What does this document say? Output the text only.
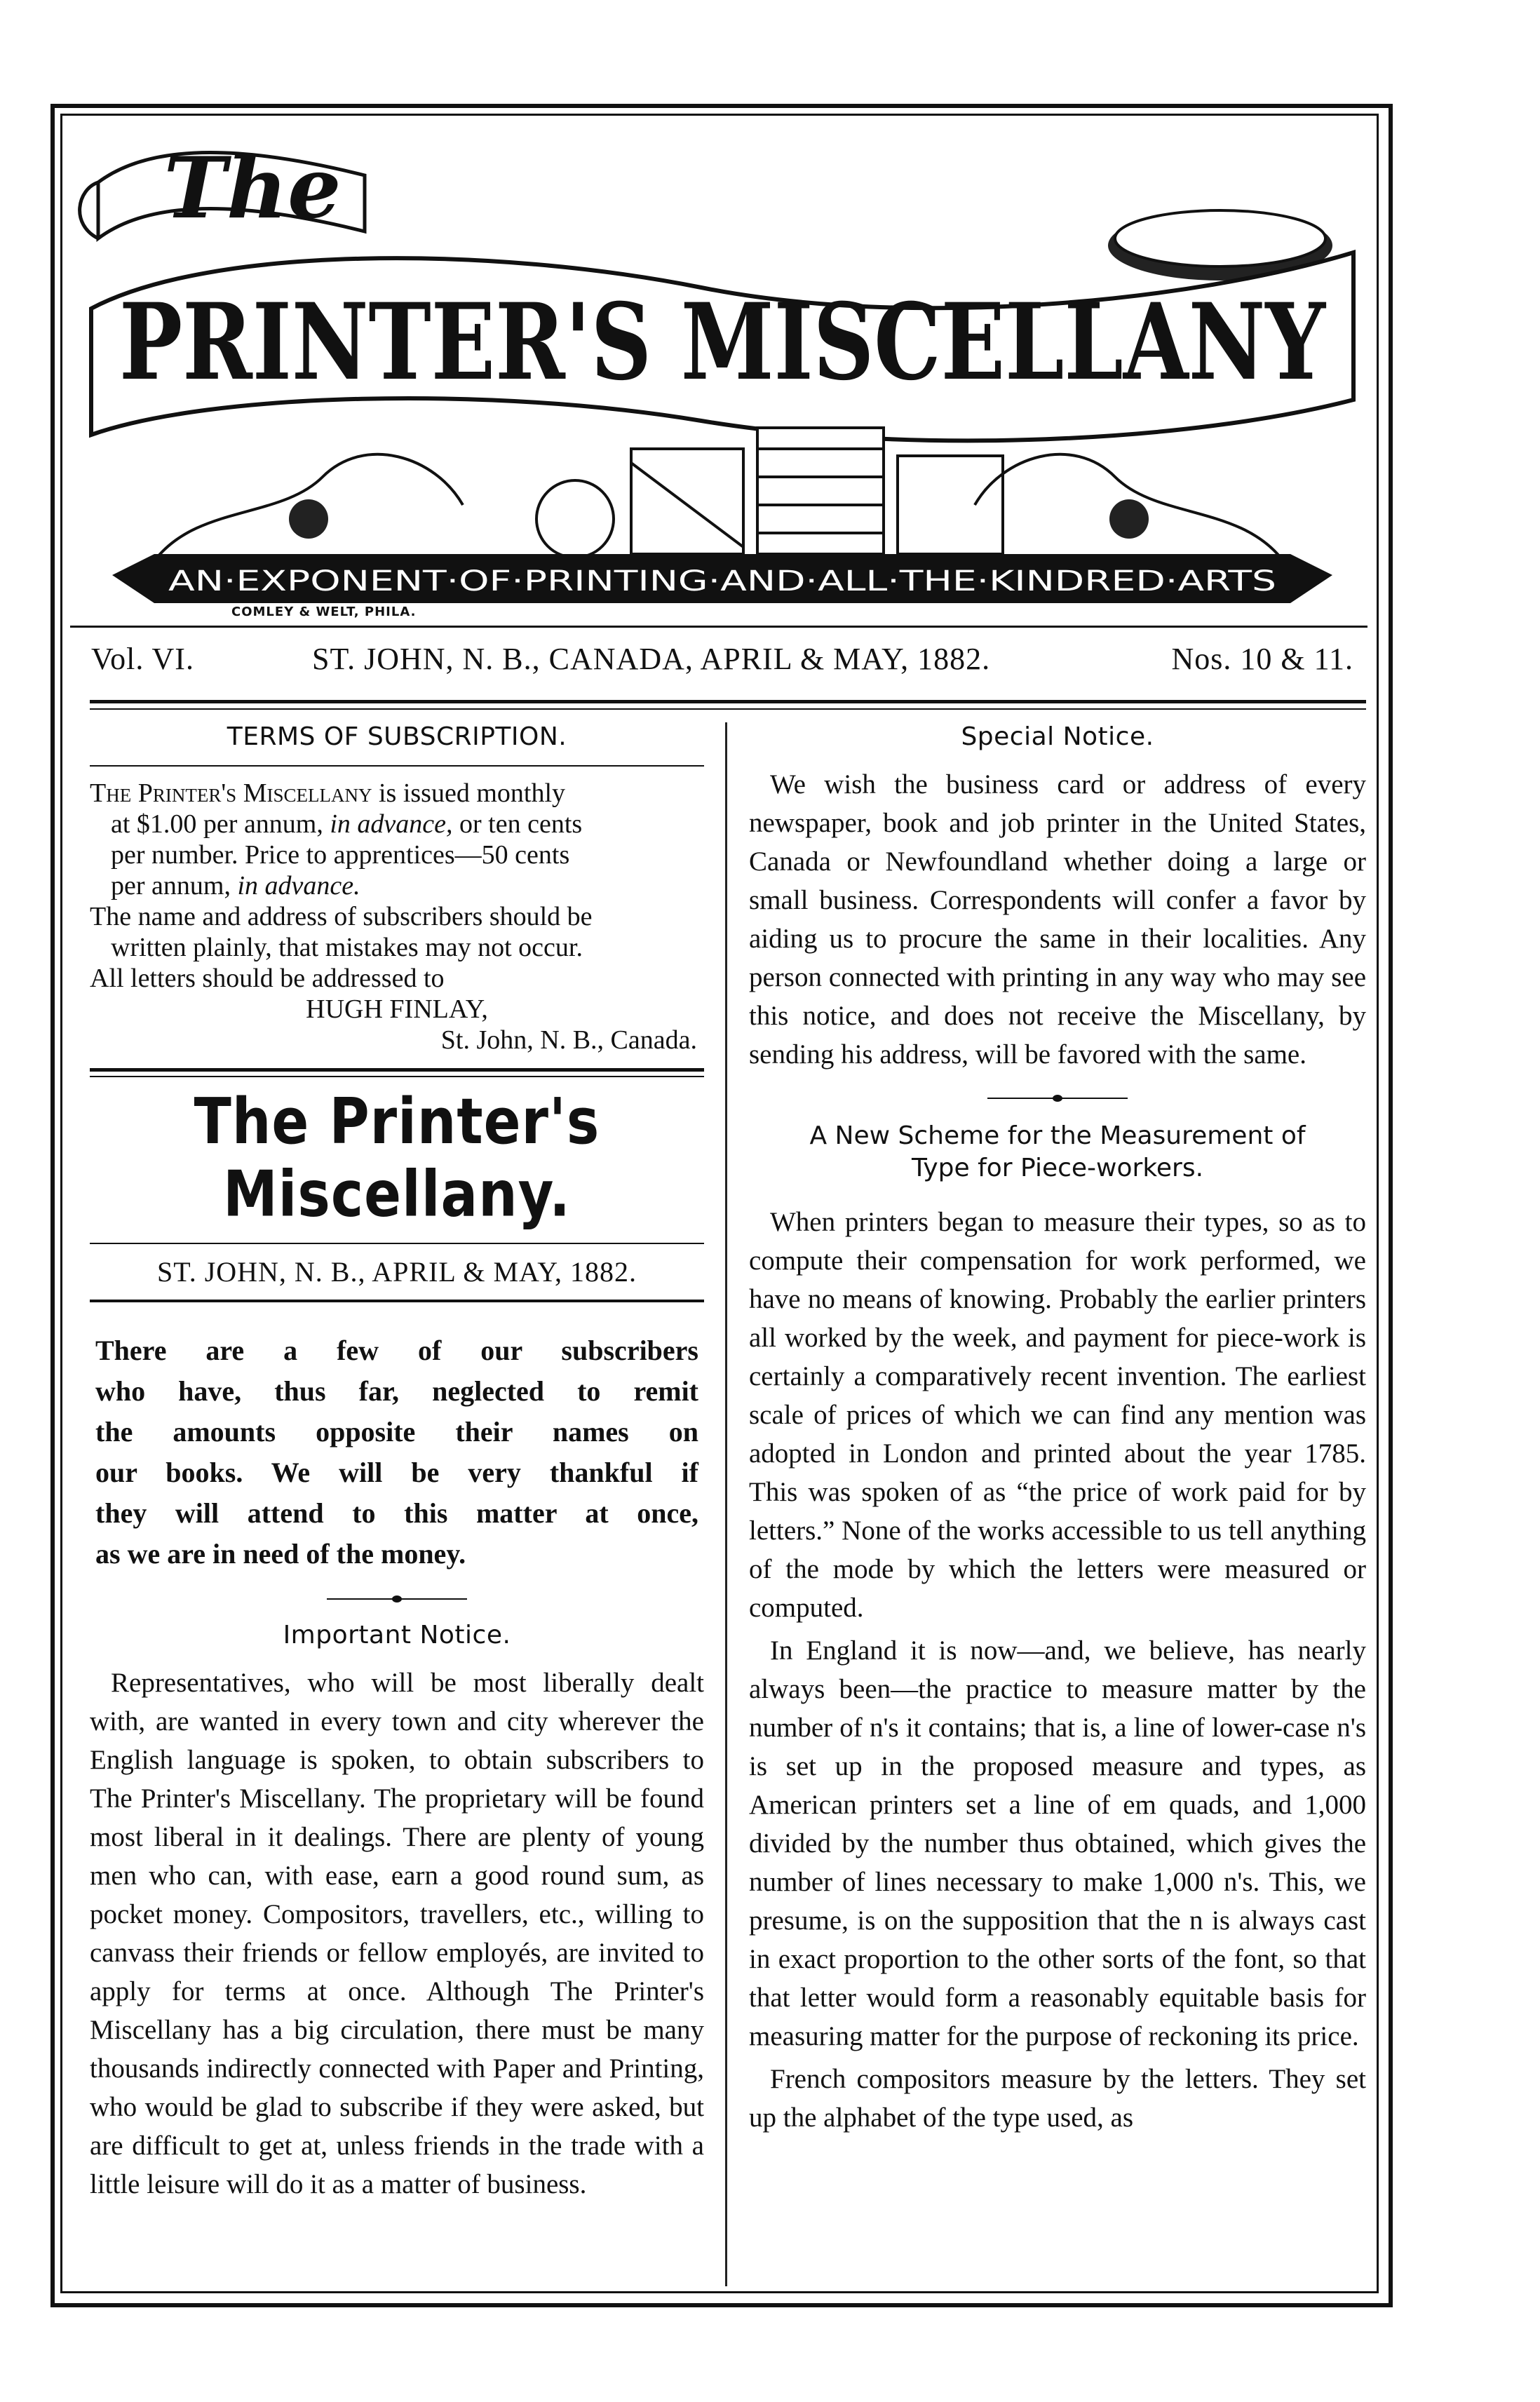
The
PRINTER'S MISCELLANY
AN·EXPONENT·OF·PRINTING·AND·ALL·THE·KINDRED·ARTS
COMLEY & WELT, PHILA.
Vol. VI.	ST. JOHN, N. B., CANADA, APRIL & MAY, 1882.	Nos. 10 & 11.
TERMS OF SUBSCRIPTION.

The Printer's Miscellany is issued monthly

at $1.00 per annum, in advance, or ten cents

per number. Price to apprentices—50 cents

per annum, in advance.

The name and address of subscribers should be

written plainly, that mistakes may not occur.

All letters should be addressed to

HUGH FINLAY,

St. John, N. B., Canada.

The Printer's Miscellany.
ST. JOHN, N. B., APRIL & MAY, 1882.
There are a few of our subscribers
who have, thus far, neglected to remit
the amounts opposite their names on
our books. We will be very thankful if
they will attend to this matter at once,
as we are in need of the money.
Important Notice.

Representatives, who will be most liberally dealt with, are wanted in every town and city wherever the English language is spoken, to obtain subscribers to The Printer's Miscellany. The proprietary will be found most liberal in it dealings. There are plenty of young men who can, with ease, earn a good round sum, as pocket money. Compositors, travellers, etc., willing to canvass their friends or fellow employés, are invited to apply for terms at once. Although The Printer's Miscellany has a big circulation, there must be many thousands indirectly connected with Paper and Printing, who would be glad to subscribe if they were asked, but are difficult to get at, unless friends in the trade with a little leisure will do it as a matter of business.

Special Notice.

We wish the business card or address of every newspaper, book and job printer in the United States, Canada or Newfoundland whether doing a large or small business. Correspondents will confer a favor by aiding us to procure the same in their localities. Any person connected with printing in any way who may see this notice, and does not receive the Miscellany, by sending his address, will be favored with the same.

A New Scheme for the Measurement of
Type for Piece-workers.

When printers began to measure their types, so as to compute their compensation for work performed, we have no means of knowing. Probably the earlier printers all worked by the week, and payment for piece-work is certainly a comparatively recent invention. The earliest scale of prices of which we can find any mention was adopted in London and printed about the year 1785. This was spoken of as “the price of work paid for by letters.” None of the works accessible to us tell anything of the mode by which the letters were measured or computed.

In England it is now—and, we believe, has nearly always been—the practice to measure matter by the number of n's it contains; that is, a line of lower-case n's is set up in the proposed measure and types, as American printers set a line of em quads, and 1,000 divided by the number thus obtained, which gives the number of lines necessary to make 1,000 n's. This, we presume, is on the supposition that the n is always cast in exact proportion to the other sorts of the font, so that that letter would form a reasonably equitable basis for measuring matter for the purpose of reckoning its price.

French compositors measure by the letters. They set up the alphabet of the type used, as
